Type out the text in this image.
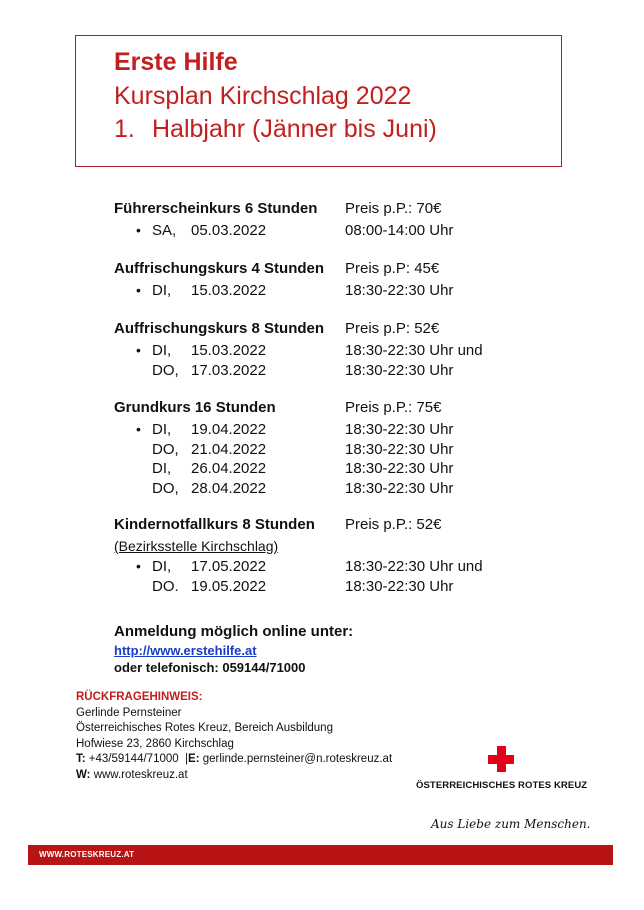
Erste Hilfe
Kursplan Kirchschlag 2022
1. Halbjahr (Jänner bis Juni)
Führerscheinkurs 6 Stunden Preis p.P.: 70€
• SA, 05.03.2022	08:00-14:00 Uhr
Auffrischungskurs 4 Stunden Preis p.P: 45€
• DI, 15.03.2022	18:30-22:30 Uhr
Auffrischungskurs 8 Stunden Preis p.P: 52€
• DI, 15.03.2022	18:30-22:30 Uhr und
DO, 17.03.2022	18:30-22:30 Uhr
Grundkurs 16 Stunden	Preis p.P.: 75€
• DI, 19.04.2022	18:30-22:30 Uhr
DO, 21.04.2022	18:30-22:30 Uhr
DI, 26.04.2022	18:30-22:30 Uhr
DO, 28.04.2022	18:30-22:30 Uhr
Kindernotfallkurs 8 Stunden Preis p.P.: 52€
(Bezirksstelle Kirchschlag)
• DI, 17.05.2022	18:30-22:30 Uhr und
DO. 19.05.2022	18:30-22:30 Uhr
Anmeldung möglich online unter:
http://www.erstehilfe.at
oder telefonisch: 059144/71000
RÜCKFRAGEHINWEIS:
Gerlinde Pernsteiner
Österreichisches Rotes Kreuz, Bereich Ausbildung
Hofwiese 23, 2860 Kirchschlag
T: +43/59144/71000 |E: gerlinde.pernsteiner@n.roteskreuz.at
W: www.roteskreuz.at
ÖSTERREICHISCHES ROTES KREUZ
Aus Liebe zum Menschen.
WWW.ROTESKREUZ.AT
